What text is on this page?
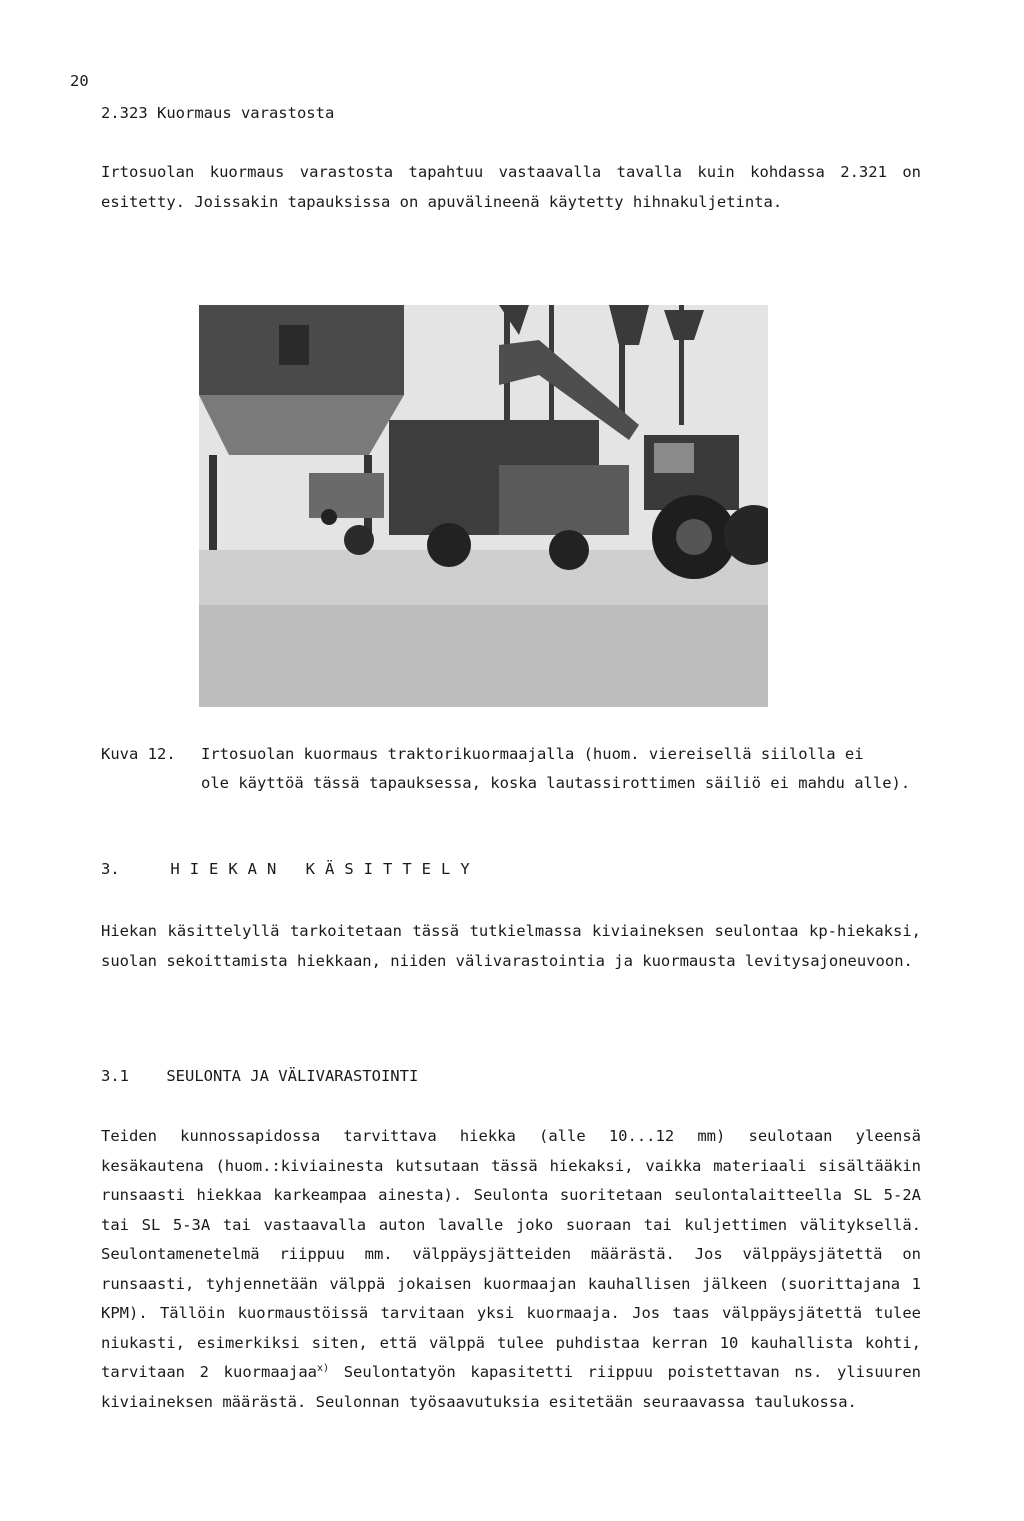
20
2.323 Kuormaus varastosta

Irtosuolan kuormaus varastosta tapahtuu vastaavalla tavalla kuin kohdassa 2.321 on esitetty. Joissakin tapauksissa on apuvälineenä käytetty hihnakuljetinta.

Kuva 12.	Irtosuolan kuormaus traktorikuormaajalla (huom. viereisellä siilolla ei
ole käyttöä tässä tapauksessa, koska lautassirottimen säiliö ei mahdu alle).
3.	HIEKAN KÄSITTELY

Hiekan käsittelyllä tarkoitetaan tässä tutkielmassa kiviaineksen seulontaa kp-hiekaksi, suolan sekoittamista hiekkaan, niiden välivarastointia ja kuormausta levitysajoneuvoon.

3.1    SEULONTA JA VÄLIVARASTOINTI

Teiden kunnossapidossa tarvittava hiekka (alle 10...12 mm) seulotaan yleensä kesäkautena (huom.:kiviainesta kutsutaan tässä hiekaksi, vaikka materiaali sisältääkin runsaasti hiekkaa karkeampaa ainesta). Seulonta suoritetaan seulontalaitteella SL 5-2A tai SL 5-3A tai vastaavalla auton lavalle joko suoraan tai kuljettimen välityksellä. Seulontamenetelmä riippuu mm. välppäysjätteiden määrästä. Jos välppäysjätettä on runsaasti, tyhjennetään välppä jokaisen kuormaajan kauhallisen jälkeen (suorittajana 1 KPM). Tällöin kuormaustöissä tarvitaan yksi kuormaaja. Jos taas välppäysjätettä tulee niukasti, esimerkiksi siten, että välppä tulee puhdistaa kerran 10 kauhallista kohti, tarvitaan 2 kuormaajaa$^{x)}$ Seulontatyön kapasitetti riippuu poistettavan ns. ylisuuren kiviaineksen määrästä. Seulonnan työsaavutuksia esitetään seuraavassa taulukossa.
